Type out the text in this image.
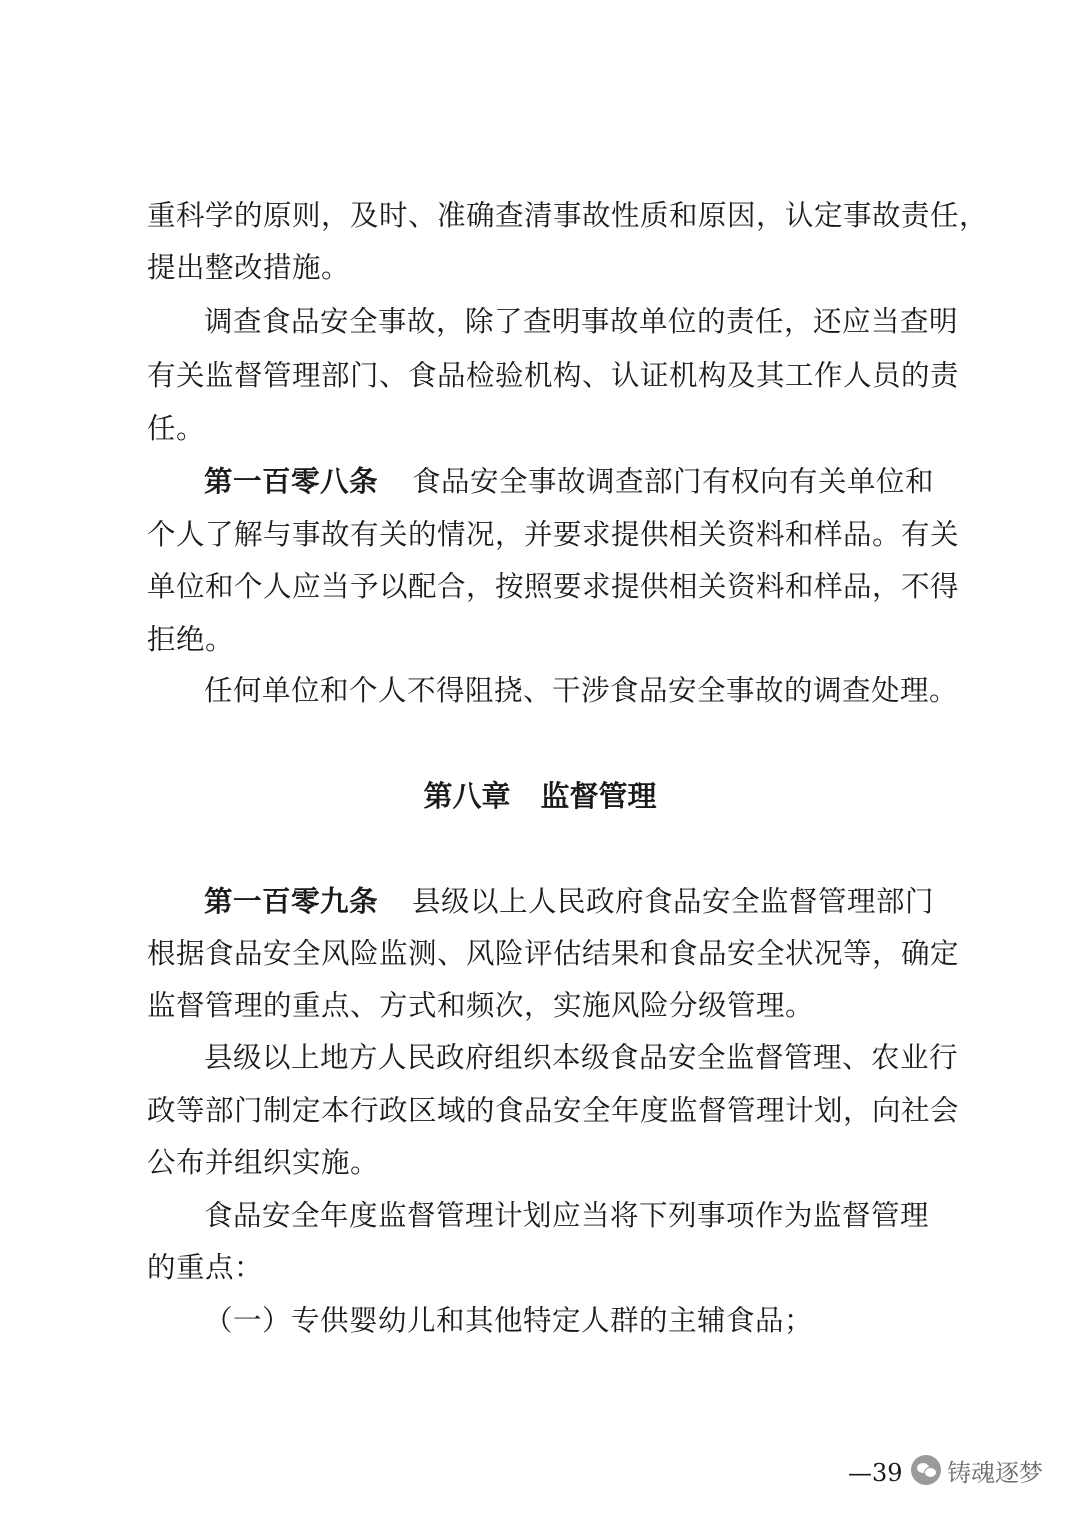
第八章 监督管理
—39 铸魂逐梦
重科学的原则，及时、准确查清事故性质和原因，认定事故责任，
提出整改措施。
调查食品安全事故，除了查明事故单位的责任，还应当查明
有关监督管理部门、食品检验机构、认证机构及其工作人员的责
任。
第一百零八条 食品安全事故调查部门有权向有关单位和
个人了解与事故有关的情况，并要求提供相关资料和样品。有关
单位和个人应当予以配合，按照要求提供相关资料和样品，不得
拒绝。
任何单位和个人不得阻挠、干涉食品安全事故的调查处理。
第一百零九条 县级以上人民政府食品安全监督管理部门
根据食品安全风险监测、风险评估结果和食品安全状况等，确定
监督管理的重点、方式和频次，实施风险分级管理。
县级以上地方人民政府组织本级食品安全监督管理、农业行
政等部门制定本行政区域的食品安全年度监督管理计划，向社会
公布并组织实施。
食品安全年度监督管理计划应当将下列事项作为监督管理
的重点：
（一）专供婴幼儿和其他特定人群的主辅食品；
